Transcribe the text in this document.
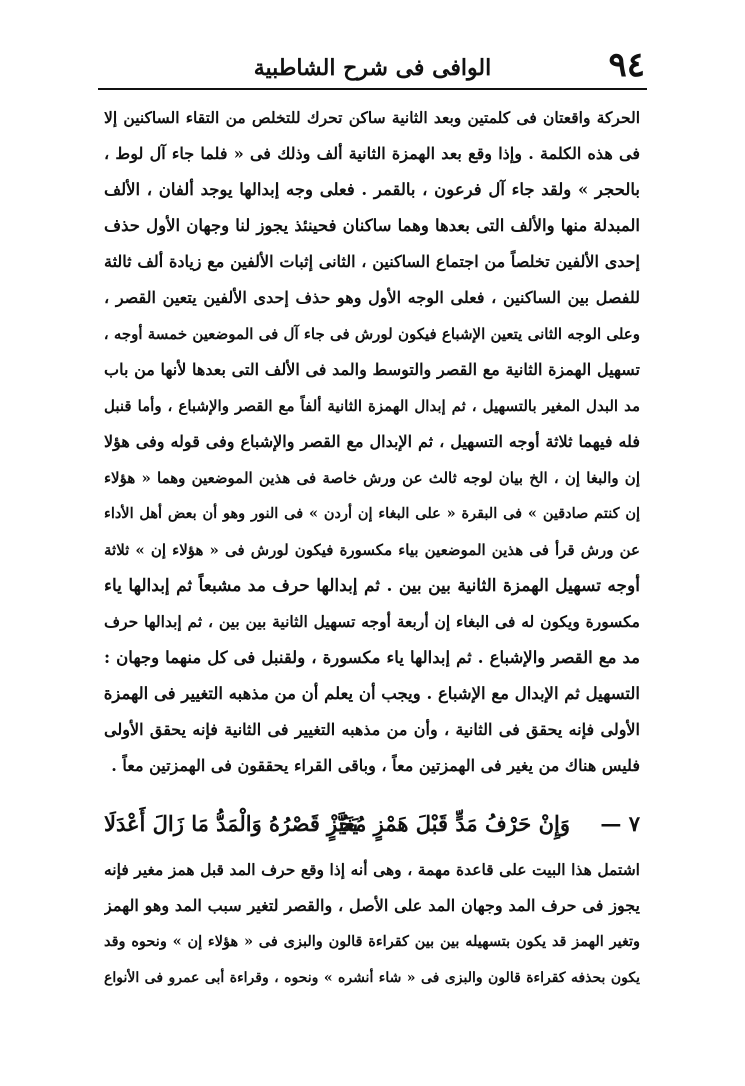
٩٤
الوافى فى شرح الشاطبية
الحركة واقعتان فى كلمتين وبعد الثانية ساكن تحرك للتخلص من التقاء الساكنين إلا
فى هذه الكلمة . وإذا وقع بعد الهمزة الثانية ألف وذلك فى « فلما جاء آل لوط ،
بالحجر » ولقد جاء آل فرعون ، بالقمر . فعلى وجه إبدالها يوجد ألفان ، الألف
المبدلة منها والألف التى بعدها وهما ساكنان فحينئذ يجوز لنا وجهان الأول حذف
إحدى الألفين تخلصاً من اجتماع الساكنين ، الثانى إثبات الألفين مع زيادة ألف ثالثة
للفصل بين الساكنين ، فعلى الوجه الأول وهو حذف إحدى الألفين يتعين القصر ،
وعلى الوجه الثانى يتعين الإشباع فيكون لورش فى جاء آل فى الموضعين خمسة أوجه ،
تسهيل الهمزة الثانية مع القصر والتوسط والمد فى الألف التى بعدها لأنها من باب
مد البدل المغير بالتسهيل ، ثم إبدال الهمزة الثانية ألفاً مع القصر والإشباع ، وأما قنبل
فله فيهما ثلاثة أوجه التسهيل ، ثم الإبدال مع القصر والإشباع وفى قوله وفى هؤلا
إن والبغا إن ، الخ بيان لوجه ثالث عن ورش خاصة فى هذين الموضعين وهما « هؤلاء
إن كنتم صادقين » فى البقرة « على البغاء إن أردن » فى النور وهو أن بعض أهل الأداء
عن ورش قرأ فى هذين الموضعين بياء مكسورة فيكون لورش فى « هؤلاء إن » ثلاثة
أوجه تسهيل الهمزة الثانية بين بين . ثم إبدالها حرف مد مشبعاً ثم إبدالها ياء
مكسورة ويكون له فى البغاء إن أربعة أوجه تسهيل الثانية بين بين ، ثم إبدالها حرف
مد مع القصر والإشباع . ثم إبدالها ياء مكسورة ، ولقنبل فى كل منهما وجهان :
التسهيل ثم الإبدال مع الإشباع . ويجب أن يعلم أن من مذهبه التغيير فى الهمزة
الأولى فإنه يحقق فى الثانية ، وأن من مذهبه التغيير فى الثانية فإنه يحقق الأولى
فليس هناك من يغير فى الهمزتين معاً ، وباقى القراء يحققون فى الهمزتين معاً .
٧ —
وَإِنْ حَرْفُ مَدٍّ قَبْلَ هَمْزٍ مُغَيَّرٍ
يَجُزْ قَصْرُهُ وَالْمَدُّ مَا زَالَ أَعْدَلَا
اشتمل هذا البيت على قاعدة مهمة ، وهى أنه إذا وقع حرف المد قبل همز مغير فإنه
يجوز فى حرف المد وجهان المد على الأصل ، والقصر لتغير سبب المد وهو الهمز
وتغير الهمز قد يكون بتسهيله بين بين كقراءة قالون والبزى فى « هؤلاء إن » ونحوه وقد
يكون بحذفه كقراءة قالون والبزى فى « شاء أنشره » ونحوه ، وقراءة أبى عمرو فى الأنواع
